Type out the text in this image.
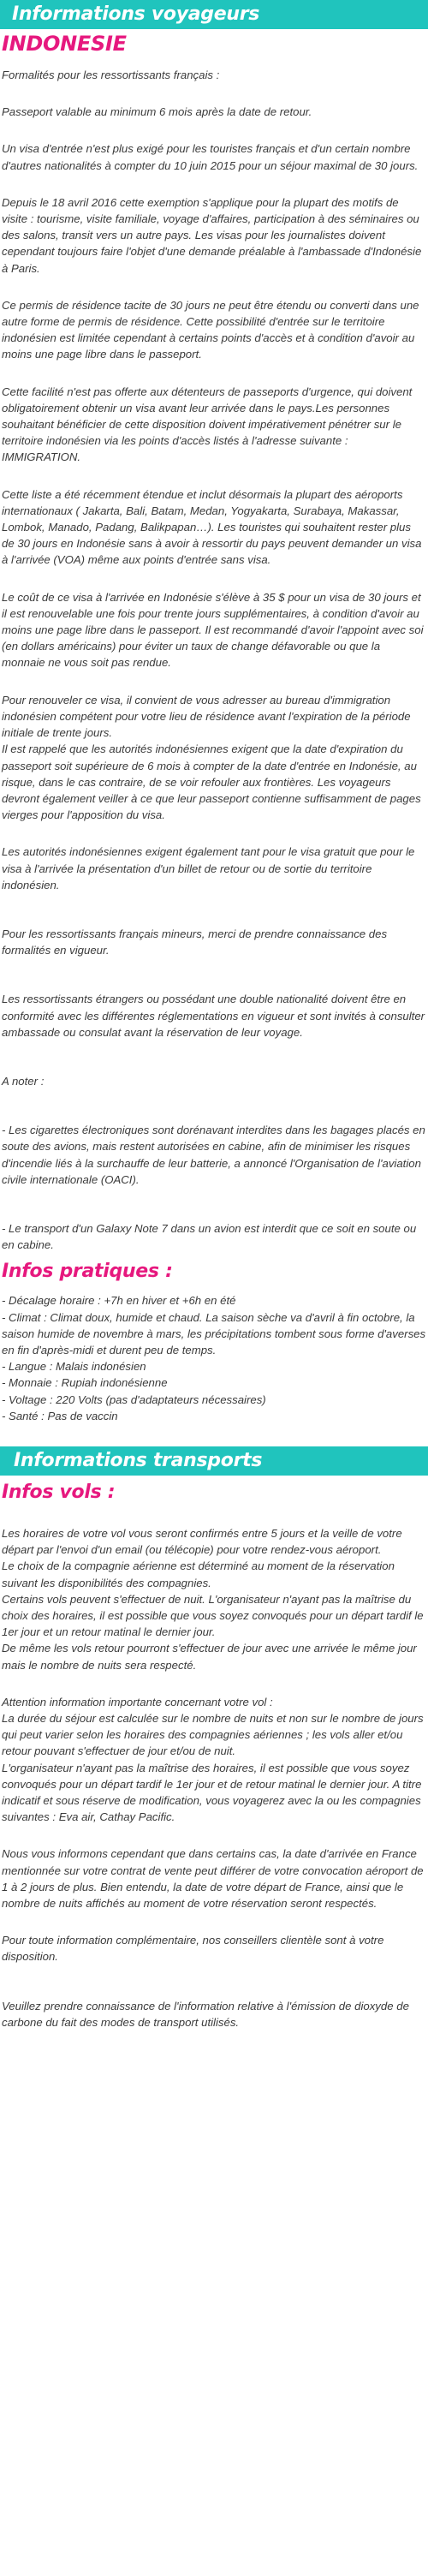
Informations voyageurs
INDONESIE

Formalités pour les ressortissants français :

Passeport valable au minimum 6 mois après la date de retour.

Un visa d'entrée n'est plus exigé pour les touristes français et d'un certain nombre d'autres nationalités à compter du 10 juin 2015 pour un séjour maximal de 30 jours.

Depuis le 18 avril 2016 cette exemption s'applique pour la plupart des motifs de visite : tourisme, visite familiale, voyage d'affaires, participation à des séminaires ou des salons, transit vers un autre pays. Les visas pour les journalistes doivent cependant toujours faire l'objet d'une demande préalable à l'ambassade d'Indonésie à Paris.

Ce permis de résidence tacite de 30 jours ne peut être étendu ou converti dans une autre forme de permis de résidence. Cette possibilité d'entrée sur le territoire indonésien est limitée cependant à certains points d'accès et à condition d'avoir au moins une page libre dans le passeport.

Cette facilité n'est pas offerte aux détenteurs de passeports d'urgence, qui doivent obligatoirement obtenir un visa avant leur arrivée dans le pays.Les personnes souhaitant bénéficier de cette disposition doivent impérativement pénétrer sur le territoire indonésien via les points d'accès listés à l'adresse suivante : IMMIGRATION.

Cette liste a été récemment étendue et inclut désormais la plupart des aéroports internationaux ( Jakarta, Bali, Batam, Medan, Yogyakarta, Surabaya, Makassar, Lombok, Manado, Padang, Balikpapan…). Les touristes qui souhaitent rester plus de 30 jours en Indonésie sans à avoir à ressortir du pays peuvent demander un visa à l'arrivée (VOA) même aux points d'entrée sans visa.

Le coût de ce visa à l'arrivée en Indonésie s'élève à 35 $ pour un visa de 30 jours et il est renouvelable une fois pour trente jours supplémentaires, à condition d'avoir au moins une page libre dans le passeport. Il est recommandé d'avoir l'appoint avec soi (en dollars américains) pour éviter un taux de change défavorable ou que la monnaie ne vous soit pas rendue.

Pour renouveler ce visa, il convient de vous adresser au bureau d'immigration indonésien compétent pour votre lieu de résidence avant l'expiration de la période initiale de trente jours.

Il est rappelé que les autorités indonésiennes exigent que la date d'expiration du passeport soit supérieure de 6 mois à compter de la date d'entrée en Indonésie, au risque, dans le cas contraire, de se voir refouler aux frontières. Les voyageurs devront également veiller à ce que leur passeport contienne suffisamment de pages vierges pour l'apposition du visa.

Les autorités indonésiennes exigent également tant pour le visa gratuit que pour le visa à l'arrivée la présentation d'un billet de retour ou de sortie du territoire indonésien.

Pour les ressortissants français mineurs, merci de prendre connaissance des formalités en vigueur.

Les ressortissants étrangers ou possédant une double nationalité doivent être en conformité avec les différentes réglementations en vigueur et sont invités à consulter ambassade ou consulat avant la réservation de leur voyage.

A noter :

- Les cigarettes électroniques sont dorénavant interdites dans les bagages placés en soute des avions, mais restent autorisées en cabine, afin de minimiser les risques d'incendie liés à la surchauffe de leur batterie, a annoncé l'Organisation de l'aviation civile internationale (OACI).

- Le transport d'un Galaxy Note 7 dans un avion est interdit que ce soit en soute ou en cabine.

Infos pratiques :
- Décalage horaire : +7h en hiver et +6h en été
- Climat : Climat doux, humide et chaud. La saison sèche va d'avril à fin octobre, la saison humide de novembre à mars, les précipitations tombent sous forme d'averses en fin d'après-midi et durent peu de temps.
- Langue : Malais indonésien
- Monnaie : Rupiah indonésienne
- Voltage : 220 Volts (pas d'adaptateurs nécessaires)
- Santé : Pas de vaccin
Informations transports
Infos vols :

Les horaires de votre vol vous seront confirmés entre 5 jours et la veille de votre départ par l'envoi d'un email (ou télécopie) pour votre rendez-vous aéroport.

Le choix de la compagnie aérienne est déterminé au moment de la réservation suivant les disponibilités des compagnies.

Certains vols peuvent s'effectuer de nuit. L'organisateur n'ayant pas la maîtrise du choix des horaires, il est possible que vous soyez convoqués pour un départ tardif le 1er jour et un retour matinal le dernier jour.

De même les vols retour pourront s'effectuer de jour avec une arrivée le même jour mais le nombre de nuits sera respecté.

Attention information importante concernant votre vol :

La durée du séjour est calculée sur le nombre de nuits et non sur le nombre de jours qui peut varier selon les horaires des compagnies aériennes ; les vols aller et/ou retour pouvant s'effectuer de jour et/ou de nuit.

L'organisateur n'ayant pas la maîtrise des horaires, il est possible que vous soyez convoqués pour un départ tardif le 1er jour et de retour matinal le dernier jour. A titre indicatif et sous réserve de modification, vous voyagerez avec la ou les compagnies suivantes : Eva air, Cathay Pacific.

Nous vous informons cependant que dans certains cas, la date d'arrivée en France mentionnée sur votre contrat de vente peut différer de votre convocation aéroport de 1 à 2 jours de plus. Bien entendu, la date de votre départ de France, ainsi que le nombre de nuits affichés au moment de votre réservation seront respectés.

Pour toute information complémentaire, nos conseillers clientèle sont à votre disposition.

Veuillez prendre connaissance de l'information relative à l'émission de dioxyde de carbone du fait des modes de transport utilisés.
